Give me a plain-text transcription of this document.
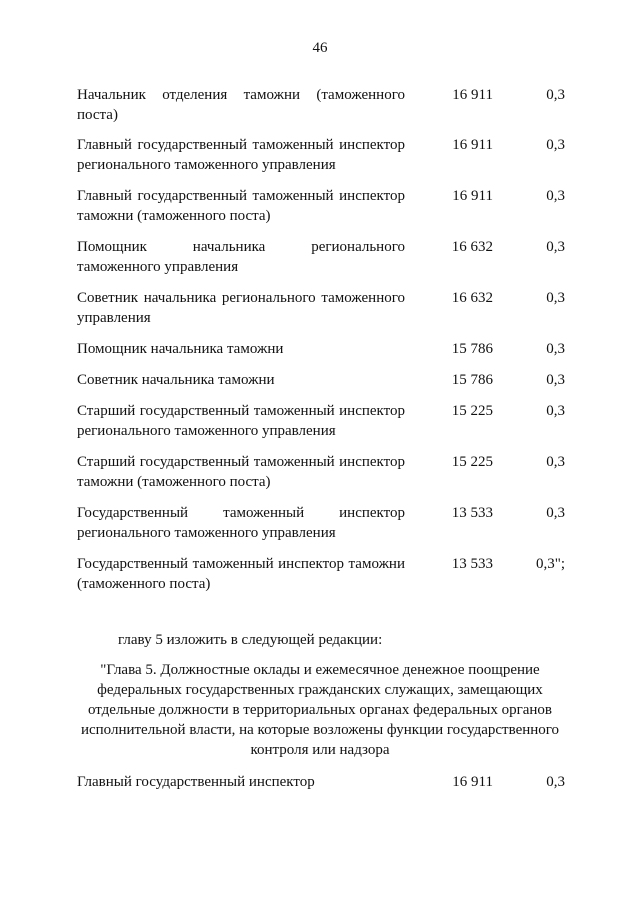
46
Начальник отделения таможни (таможенного поста)
16 911	0,3
Главный государственный таможенный инспектор регионального таможенного управления
16 911	0,3
Главный государственный таможенный инспектор таможни (таможенного поста)
16 911	0,3
Помощник начальника регионального таможенного управления
16 632	0,3
Советник начальника регионального таможенного управления
16 632	0,3
Помощник начальника таможни	15 786	0,3
Советник начальника таможни	15 786	0,3
Старший государственный таможенный инспектор регионального таможенного управления
15 225	0,3
Старший государственный таможенный инспектор таможни (таможенного поста)
15 225	0,3
Государственный таможенный инспектор регионального таможенного управления
13 533	0,3
Государственный таможенный инспектор таможни (таможенного поста)
13 533	0,3";
главу 5 изложить в следующей редакции:
"Глава 5. Должностные оклады и ежемесячное денежное поощрение федеральных государственных гражданских служащих, замещающих отдельные должности в территориальных органах федеральных органов исполнительной власти, на которые возложены функции государственного контроля или надзора
Главный государственный инспектор	16 911	0,3
